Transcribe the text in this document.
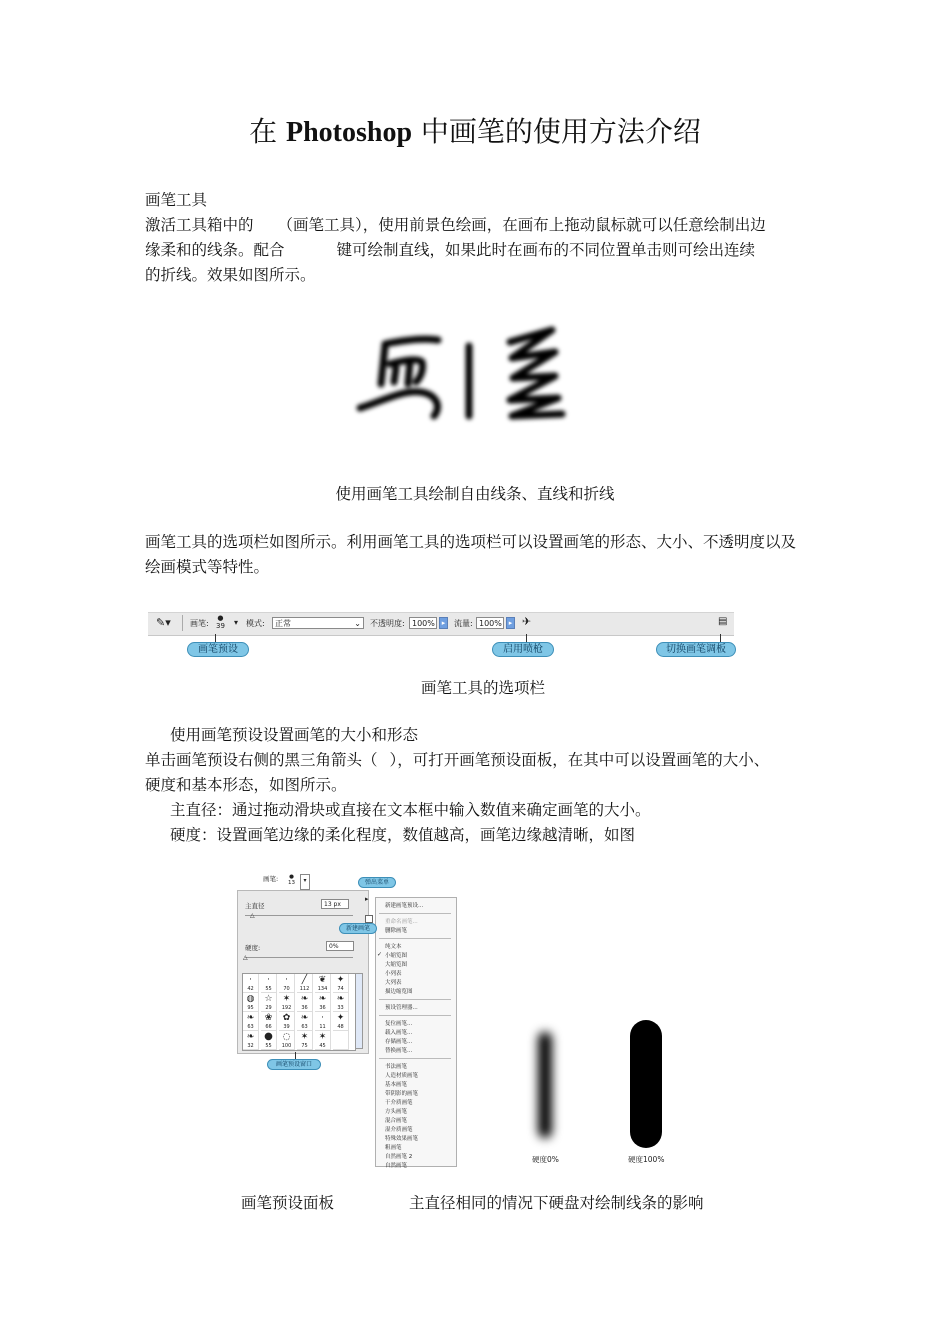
在 Photoshop 中画笔的使用方法介绍
画笔工具
激活工具箱中的 （画笔工具），使用前景色绘画，在画布上拖动鼠标就可以任意绘制出边
缘柔和的线条。配合	键可绘制直线，如果此时在画布的不同位置单击则可绘出连续
的折线。效果如图所示。
使用画笔工具绘制自由线条、直线和折线
画笔工具的选项栏如图所示。利用画笔工具的选项栏可以设置画笔的形态、大小、不透明度以及绘画模式等特性。
✎▾ 画笔:
●
39 ▾ 模式:	正常	⌄ 不透明度: 100% ▸	流量: 100% ▸ ✈	▤
画笔预设	启用喷枪	切换画笔调板
画笔工具的选项栏
使用画笔预设设置画笔的大小和形态
单击画笔预设右侧的黑三角箭头（ ），可打开画笔预设面板，在其中可以设置画笔的大小、
硬度和基本形态，如图所示。
主直径：通过拖动滑块或直接在文本框中输入数值来确定画笔的大小。
硬度：设置画笔边缘的柔化程度，数值越高，画笔边缘越清晰，如图
画笔: ●
13	▾
主直径	13 px
△
硬度:	0%
△
·
42
·
55
·
70
╱
112
❦
134
✦
74
◍
95
☆
29
✶
192
❧
36
❧
36
❧
33
❧
63
❀
66
✿
39
❧
63
·
11
✦
48
❧
32
●
55
◌
100
✶
75
✶
45
▸
新建画笔预设...
重命名画笔...
删除画笔
纯文本
小缩览图
✓
大缩览图
小列表
大列表
描边缩览图
预设管理器...
复位画笔...
载入画笔...
存储画笔...
替换画笔...
书法画笔
人造材质画笔
基本画笔
带阴影的画笔
干介质画笔
方头画笔
混合画笔
湿介质画笔
特殊效果画笔
粗画笔
自然画笔 2
自然画笔
弹出菜单
新建画笔
画笔预设窗口
硬度0%	硬度100%
画笔预设面板	主直径相同的情况下硬盘对绘制线条的影响
